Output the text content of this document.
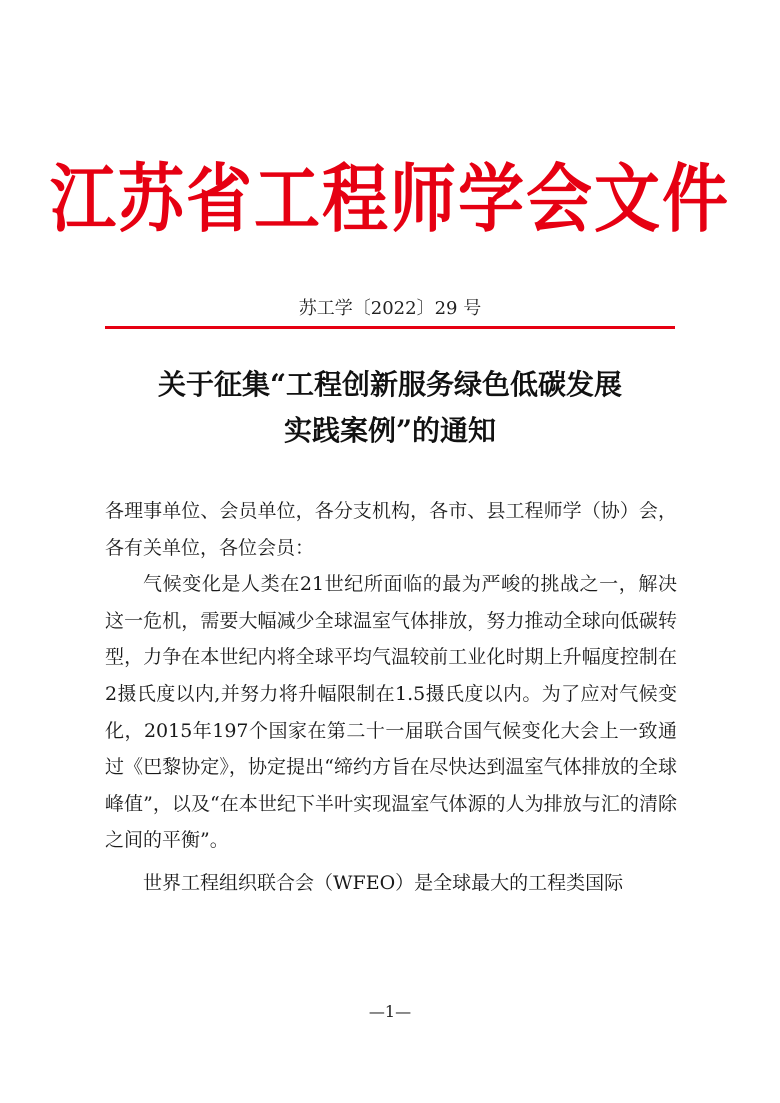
江苏省工程师学会文件
苏工学〔2022〕29 号
关于征集“工程创新服务绿色低碳发展
实践案例”的通知

各理事单位、会员单位，各分支机构，各市、县工程师学（协）会，各有关单位，各位会员：

气候变化是人类在21世纪所面临的最为严峻的挑战之一，解决这一危机，需要大幅减少全球温室气体排放，努力推动全球向低碳转型，力争在本世纪内将全球平均气温较前工业化时期上升幅度控制在2摄氏度以内,并努力将升幅限制在1.5摄氏度以内。为了应对气候变化，2015年197个国家在第二十一届联合国气候变化大会上一致通过《巴黎协定》，协定提出“缔约方旨在尽快达到温室气体排放的全球峰值”，以及“在本世纪下半叶实现温室气体源的人为排放与汇的清除之间的平衡”。

世界工程组织联合会（WFEO）是全球最大的工程类国际

—1—
